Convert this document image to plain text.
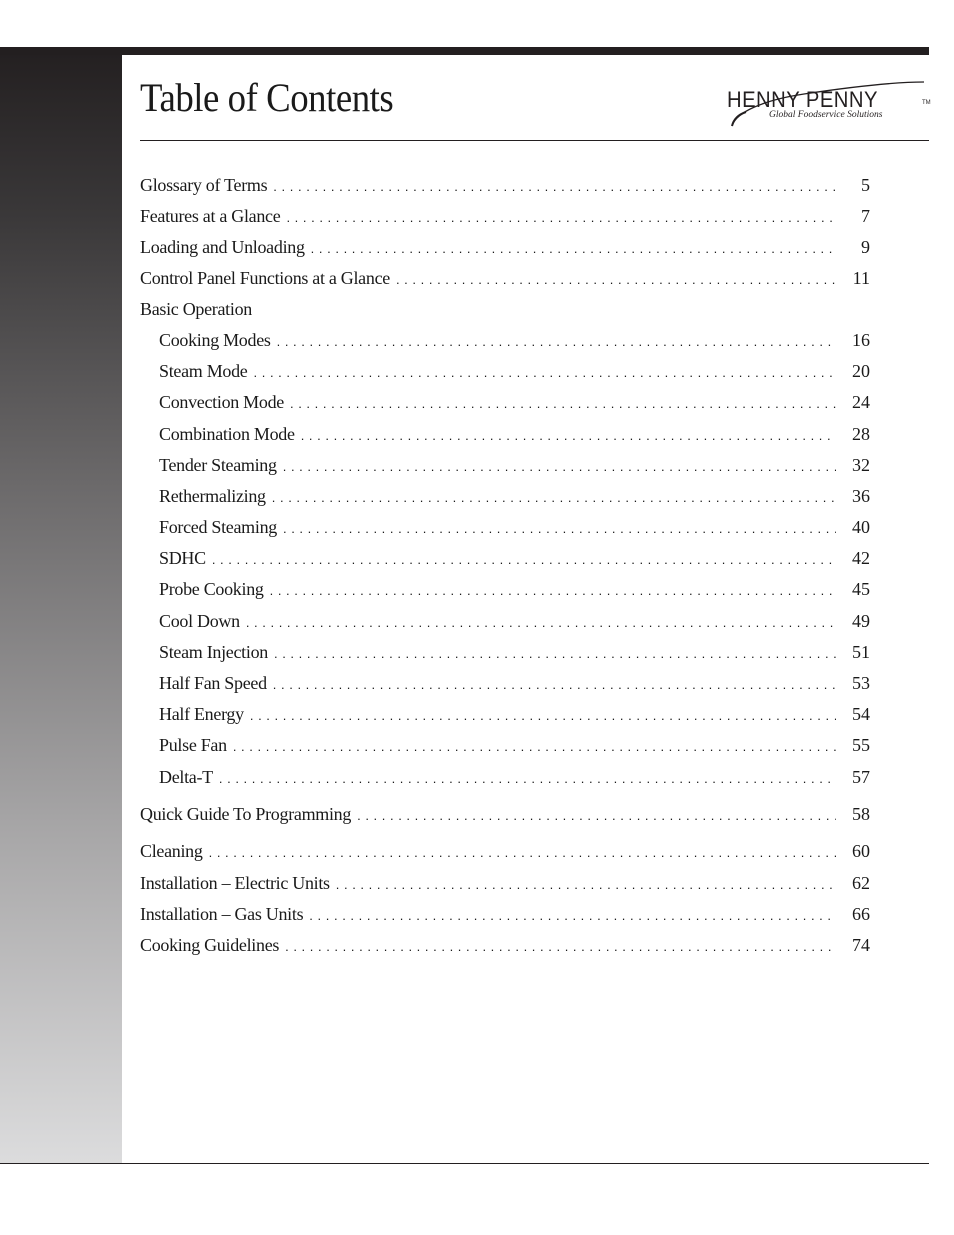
Table of Contents	HENNY PENNY	TM
Global Foodservice Solutions
Glossary of Terms . . .	5
Features at a Glance . . .	7
Loading and Unloading . . .	9
Control Panel Functions at a Glance . . .	11
Basic Operation
Cooking Modes . . .	16
Steam Mode . . .	20
Convection Mode . . .	24
Combination Mode . . .	28
Tender Steaming . . .	32
Rethermalizing . . .	36
Forced Steaming . . .	40
SDHC . . .	42
Probe Cooking . . .	45
Cool Down . . .	49
Steam Injection . . .	51
Half Fan Speed . . .	53
Half Energy . . .	54
Pulse Fan . . .	55
Delta-T . . .	57
Quick Guide To Programming . . .	58
Cleaning . . .	60
Installation – Electric Units . . .	62
Installation – Gas Units . . .	66
Cooking Guidelines . . .	74
